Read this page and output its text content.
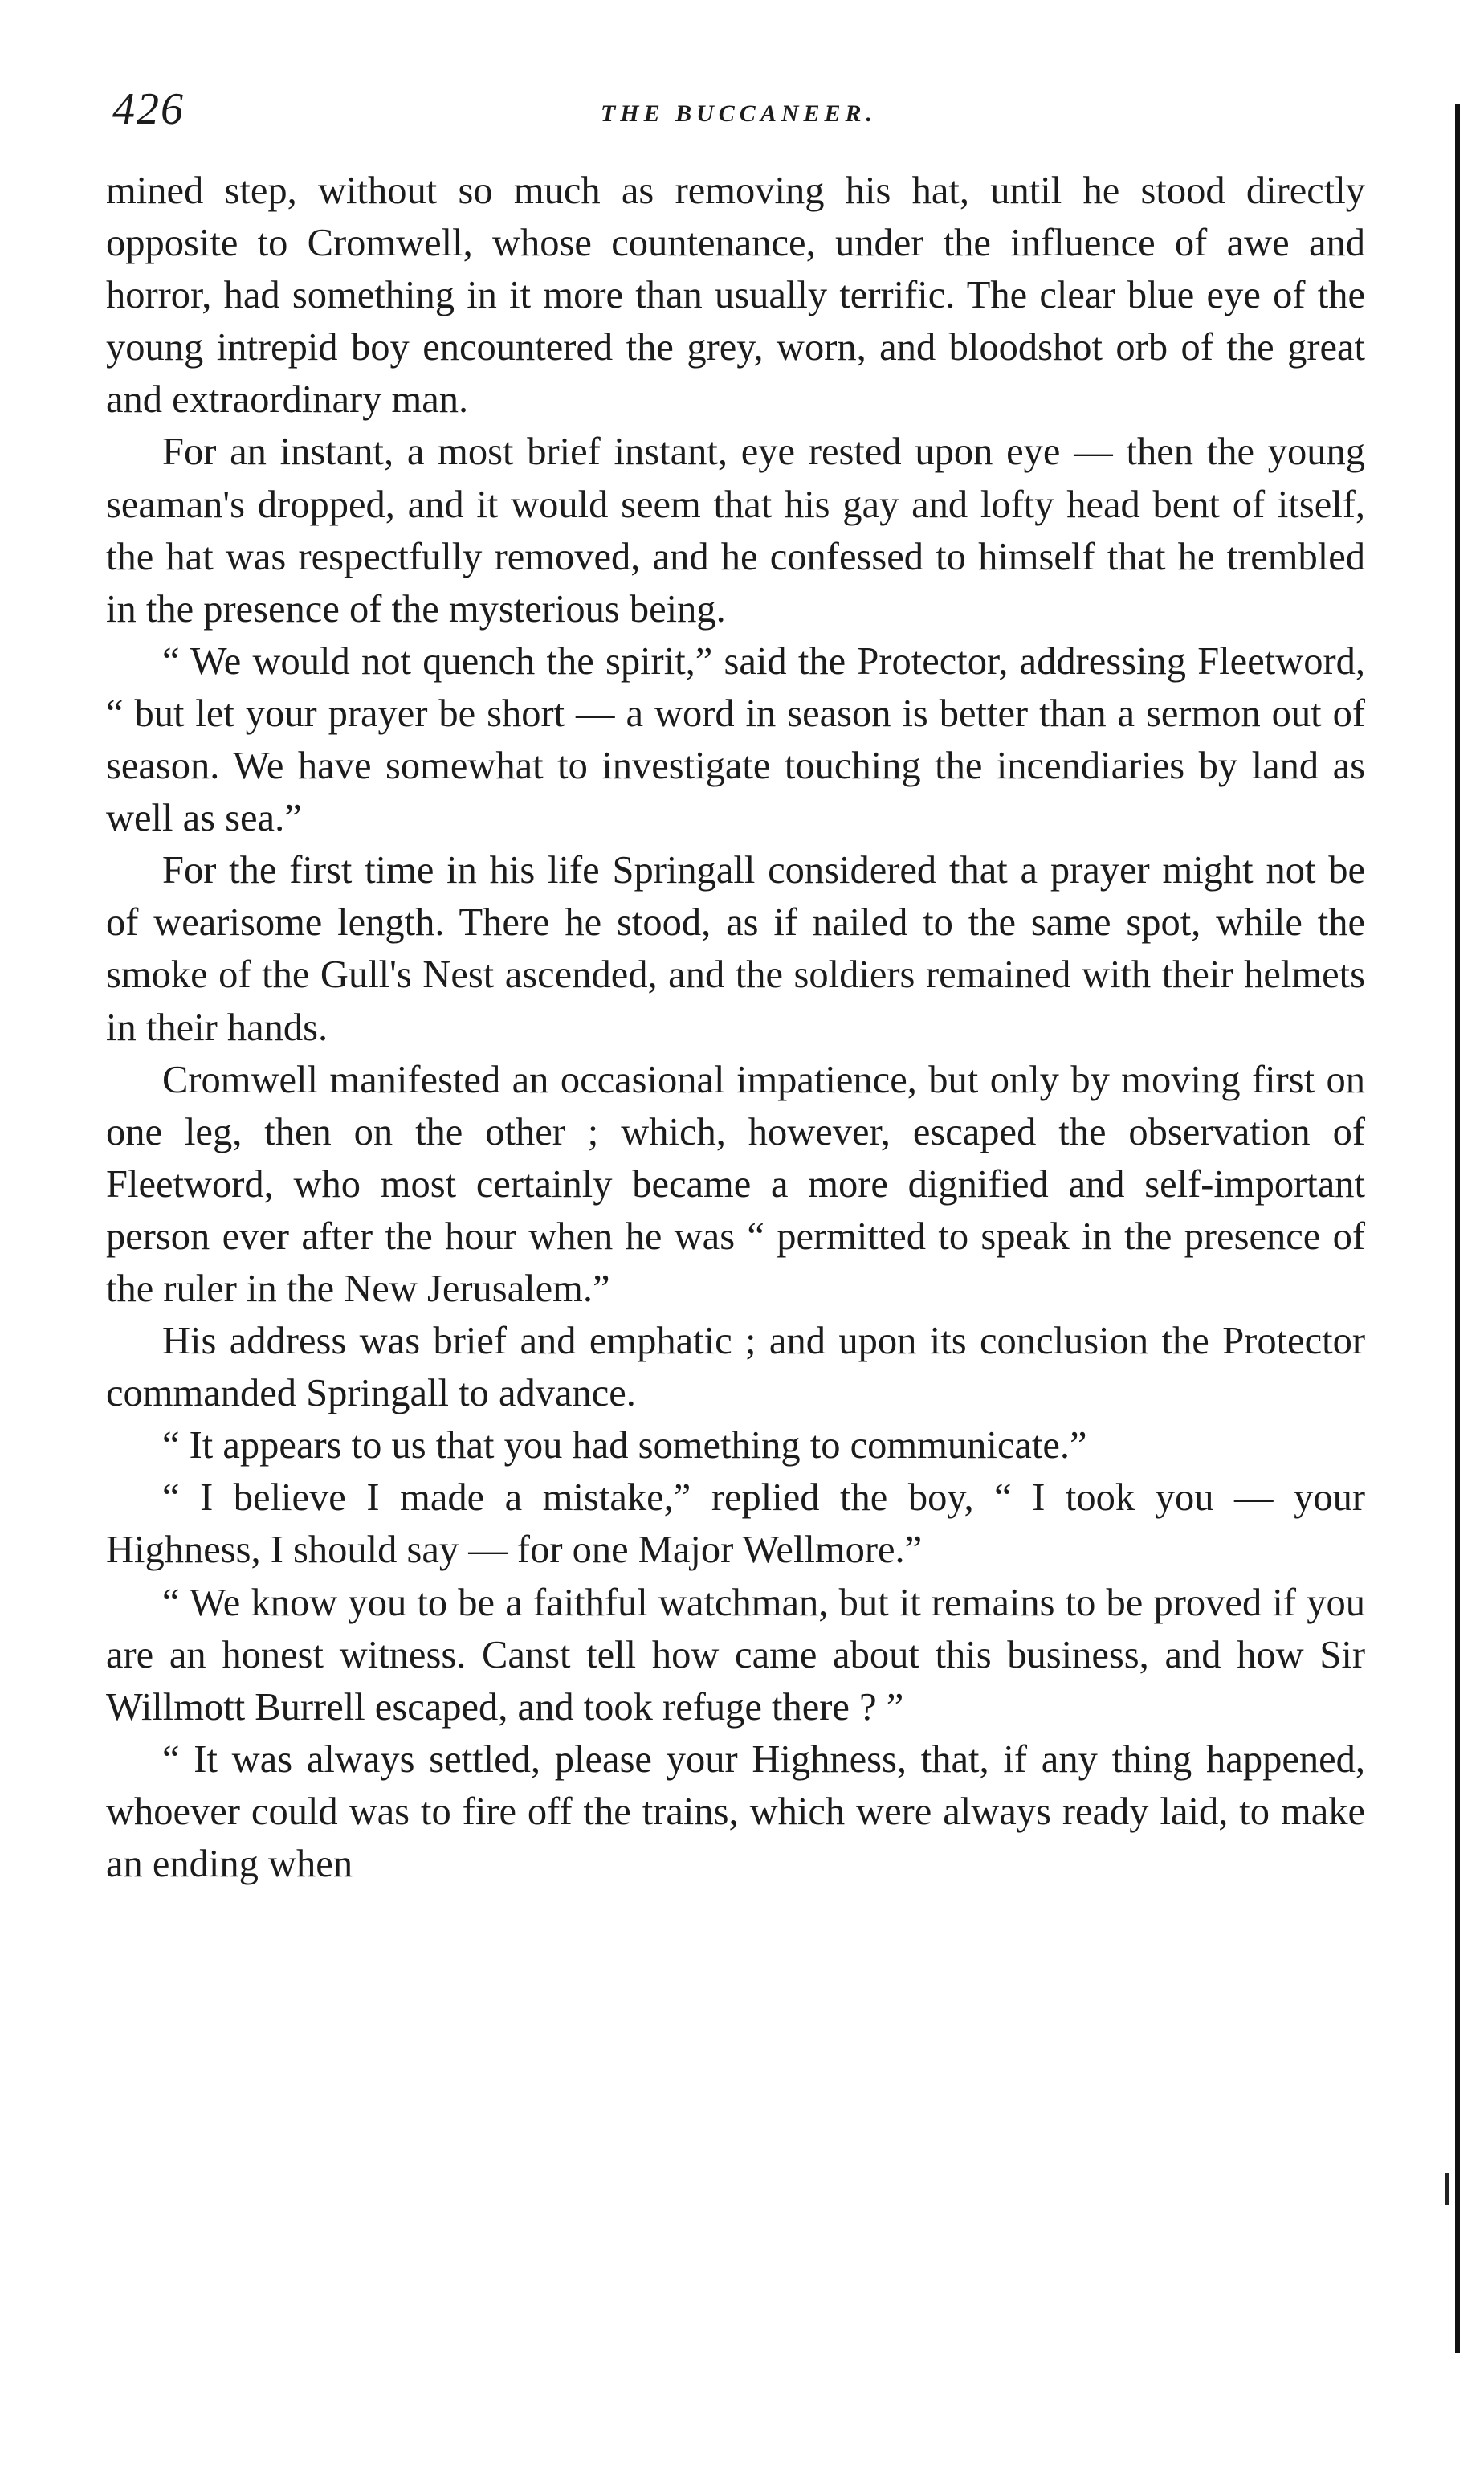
426	THE BUCCANEER.

mined step, without so much as removing his hat, until he stood directly opposite to Cromwell, whose countenance, under the influence of awe and horror, had something in it more than usually terrific. The clear blue eye of the young intrepid boy encountered the grey, worn, and bloodshot orb of the great and extraordinary man.

For an instant, a most brief instant, eye rested upon eye — then the young seaman's dropped, and it would seem that his gay and lofty head bent of itself, the hat was respectfully removed, and he confessed to himself that he trembled in the presence of the mysterious being.

“ We would not quench the spirit,” said the Protector, addressing Fleetword, “ but let your prayer be short — a word in season is better than a sermon out of season. We have somewhat to investigate touching the incendiaries by land as well as sea.”

For the first time in his life Springall considered that a prayer might not be of wearisome length. There he stood, as if nailed to the same spot, while the smoke of the Gull's Nest ascended, and the soldiers remained with their helmets in their hands.

Cromwell manifested an occasional impatience, but only by moving first on one leg, then on the other ; which, however, escaped the observation of Fleetword, who most certainly became a more dignified and self-important person ever after the hour when he was “ permitted to speak in the presence of the ruler in the New Jerusalem.”

His address was brief and emphatic ; and upon its conclusion the Protector commanded Springall to advance.

“ It appears to us that you had something to communicate.”

“ I believe I made a mistake,” replied the boy, “ I took you — your Highness, I should say — for one Major Wellmore.”

“ We know you to be a faithful watchman, but it remains to be proved if you are an honest witness. Canst tell how came about this business, and how Sir Willmott Burrell escaped, and took refuge there ? ”

“ It was always settled, please your Highness, that, if any thing happened, whoever could was to fire off the trains, which were always ready laid, to make an ending when
